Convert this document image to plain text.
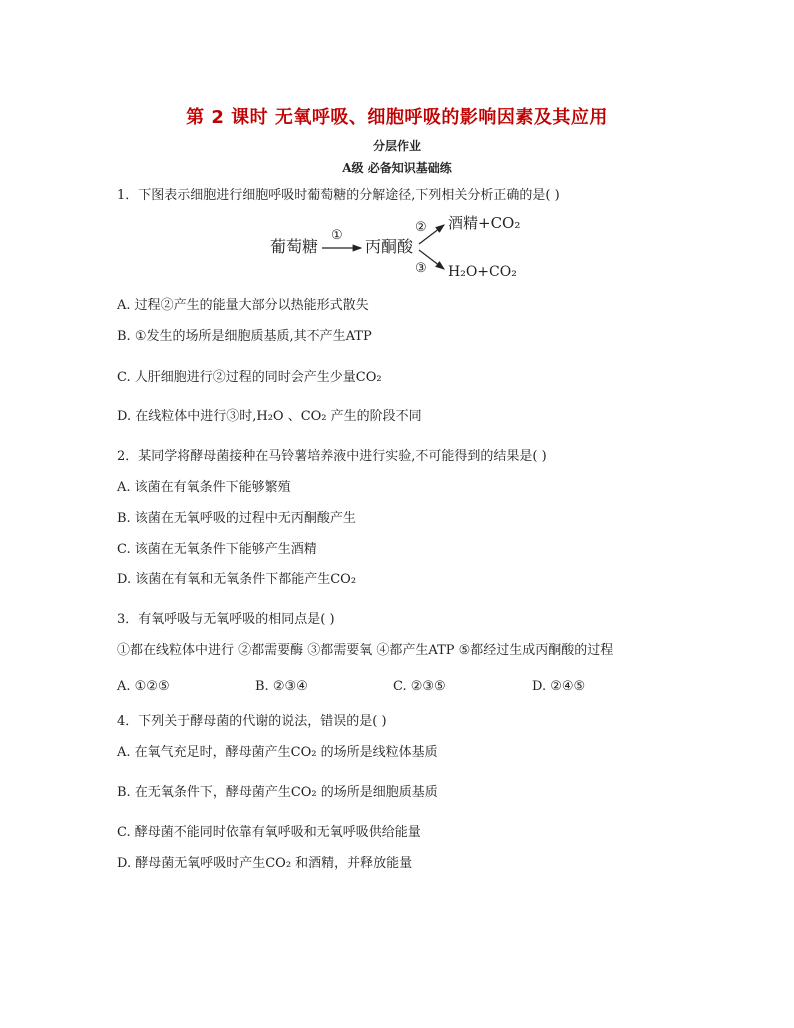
第 2 课时 无氧呼吸、细胞呼吸的影响因素及其应用
分层作业
A级 必备知识基础练
1．下图表示细胞进行细胞呼吸时葡萄糖的分解途径,下列相关分析正确的是( )
葡萄糖
①
丙酮酸
②
③
酒精+CO₂
H₂O+CO₂
A. 过程②产生的能量大部分以热能形式散失
B. ①发生的场所是细胞质基质,其不产生ATP
C. 人肝细胞进行②过程的同时会产生少量CO₂
D. 在线粒体中进行③时,H₂O 、CO₂ 产生的阶段不同
2．某同学将酵母菌接种在马铃薯培养液中进行实验,不可能得到的结果是( )
A. 该菌在有氧条件下能够繁殖
B. 该菌在无氧呼吸的过程中无丙酮酸产生
C. 该菌在无氧条件下能够产生酒精
D. 该菌在有氧和无氧条件下都能产生CO₂
3．有氧呼吸与无氧呼吸的相同点是( )
①都在线粒体中进行 ②都需要酶 ③都需要氧 ④都产生ATP ⑤都经过生成丙酮酸的过程
A. ①②⑤	B. ②③④	C. ②③⑤	D. ②④⑤
4．下列关于酵母菌的代谢的说法，错误的是( )
A. 在氧气充足时，酵母菌产生CO₂ 的场所是线粒体基质
B. 在无氧条件下，酵母菌产生CO₂ 的场所是细胞质基质
C. 酵母菌不能同时依靠有氧呼吸和无氧呼吸供给能量
D. 酵母菌无氧呼吸时产生CO₂ 和酒精，并释放能量
